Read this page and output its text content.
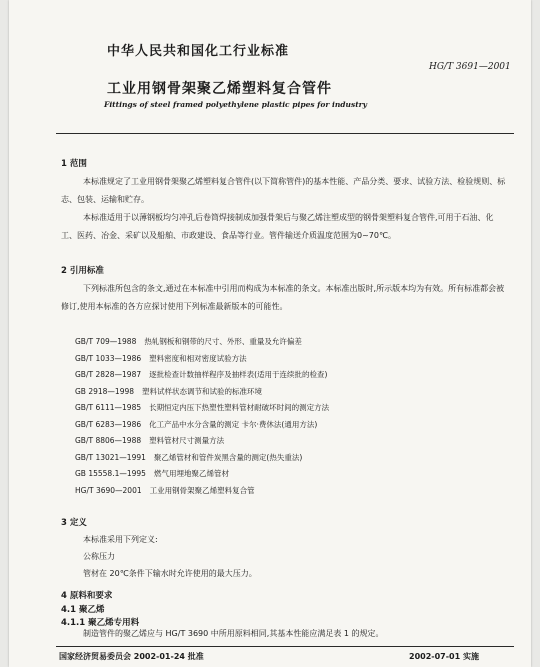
中华人民共和国化工行业标准
HG/T 3691—2001
工业用钢骨架聚乙烯塑料复合管件
Fittings of steel framed polyethylene plastic pipes for industry
1 范围
本标准规定了工业用钢骨架聚乙烯塑料复合管件(以下简称管件)的基本性能、产品分类、要求、试验方法、检验规则、标志、包装、运输和贮存。
本标准适用于以薄钢板均匀冲孔后卷筒焊接制成加强骨架后与聚乙烯注塑成型的钢骨架塑料复合管件,可用于石油、化工、医药、冶金、采矿以及船舶、市政建设、食品等行业。管件输送介质温度范围为0~70℃。
2 引用标准
下列标准所包含的条文,通过在本标准中引用而构成为本标准的条文。本标准出版时,所示版本均为有效。所有标准都会被修订,使用本标准的各方应探讨使用下列标准最新版本的可能性。
GB/T 709—1988 热轧钢板和钢带的尺寸、外形、重量及允许偏差
GB/T 1033—1986 塑料密度和相对密度试验方法
GB/T 2828—1987 逐批检查计数抽样程序及抽样表(适用于连续批的检查)
GB 2918—1998 塑料试样状态调节和试验的标准环境
GB/T 6111—1985 长期恒定内压下热塑性塑料管材耐破坏时间的测定方法
GB/T 6283—1986 化工产品中水分含量的测定 卡尔·费休法(通用方法)
GB/T 8806—1988 塑料管材尺寸测量方法
GB/T 13021—1991 聚乙烯管材和管件炭黑含量的测定(热失重法)
GB 15558.1—1995 燃气用埋地聚乙烯管材
HG/T 3690—2001 工业用钢骨架聚乙烯塑料复合管
3 定义
本标准采用下列定义:
公称压力
管材在 20℃条件下输水时允许使用的最大压力。
4 原料和要求
4.1 聚乙烯
4.1.1 聚乙烯专用料
制造管件的聚乙烯应与 HG/T 3690 中所用原料相同,其基本性能应满足表 1 的规定。
国家经济贸易委员会 2002-01-24 批准	2002-07-01 实施
